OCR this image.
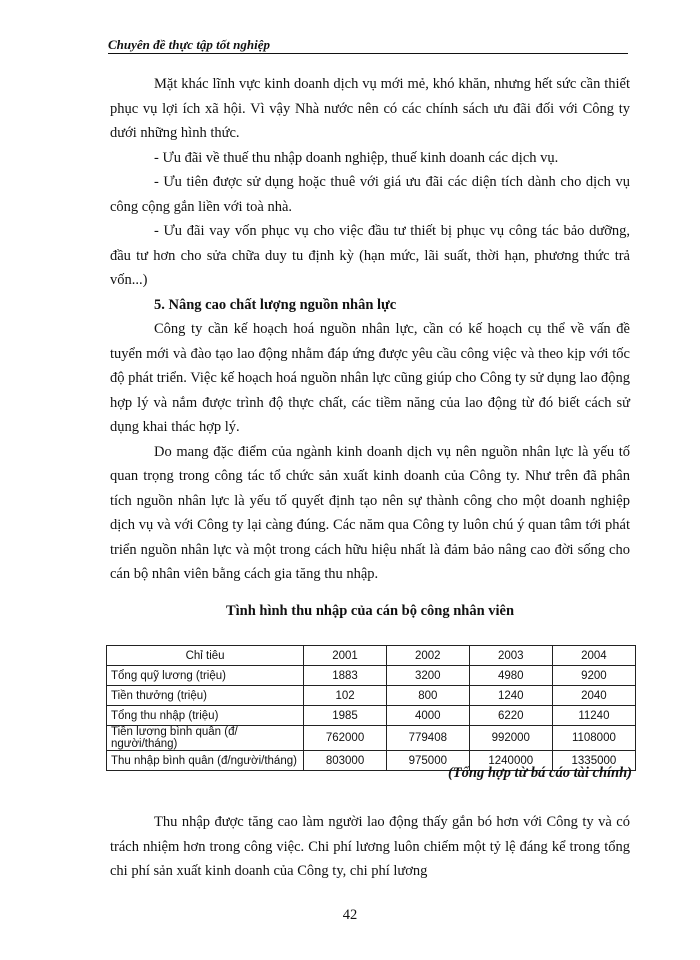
Chuyên đề thực tập tốt nghiệp

Mặt khác lĩnh vực kinh doanh dịch vụ mới mẻ, khó khăn, nhưng hết sức cần thiết phục vụ lợi ích xã hội. Vì vậy Nhà nước nên có các chính sách ưu đãi đối với Công ty dưới những hình thức.

- Ưu đãi về thuế thu nhập doanh nghiệp, thuế kinh doanh các dịch vụ.

- Ưu tiên được sử dụng hoặc thuê với giá ưu đãi các diện tích dành cho dịch vụ công cộng gắn liền với toà nhà.

- Ưu đãi vay vốn phục vụ cho việc đầu tư thiết bị phục vụ công tác bảo dưỡng, đầu tư hơn cho sửa chữa duy tu định kỳ (hạn mức, lãi suất, thời hạn, phương thức trả vốn...)

5. Nâng cao chất lượng nguồn nhân lực

Công ty cần kế hoạch hoá nguồn nhân lực, cần có kế hoạch cụ thể về vấn đề tuyển mới và đào tạo lao động nhằm đáp ứng được yêu cầu công việc và theo kịp với tốc độ phát triển. Việc kế hoạch hoá nguồn nhân lực cũng giúp cho Công ty sử dụng lao động hợp lý và nắm được trình độ thực chất, các tiềm năng của lao động từ đó biết cách sử dụng khai thác hợp lý.

Do mang đặc điểm của ngành kinh doanh dịch vụ nên nguồn nhân lực là yếu tố quan trọng trong công tác tổ chức sản xuất kinh doanh của Công ty. Như trên đã phân tích nguồn nhân lực là yếu tố quyết định tạo nên sự thành công cho một doanh nghiệp dịch vụ và với Công ty lại càng đúng. Các năm qua Công ty luôn chú ý quan tâm tới phát triển nguồn nhân lực và một trong cách hữu hiệu nhất là đảm bảo nâng cao đời sống cho cán bộ nhân viên bằng cách gia tăng thu nhập.

Tình hình thu nhập của cán bộ công nhân viên
Chỉ tiêu	2001	2002	2003	2004
Tổng quỹ lương (triệu)	1883	3200	4980	9200
Tiền thưởng (triệu)	102	800	1240	2040
Tổng thu nhập (triệu)	1985	4000	6220	11240
Tiền lương bình quân (đ/ người/tháng)	762000	779408	992000	1108000
Thu nhập bình quân (đ/người/tháng)	803000	975000	1240000	1335000
(Tổng hợp từ bá cáo tài chính)

Thu nhập được tăng cao làm người lao động thấy gắn bó hơn với Công ty và có trách nhiệm hơn trong công việc. Chi phí lương luôn chiếm một tỷ lệ đáng kể trong tổng chi phí sản xuất kinh doanh của Công ty, chi phí lương

42
